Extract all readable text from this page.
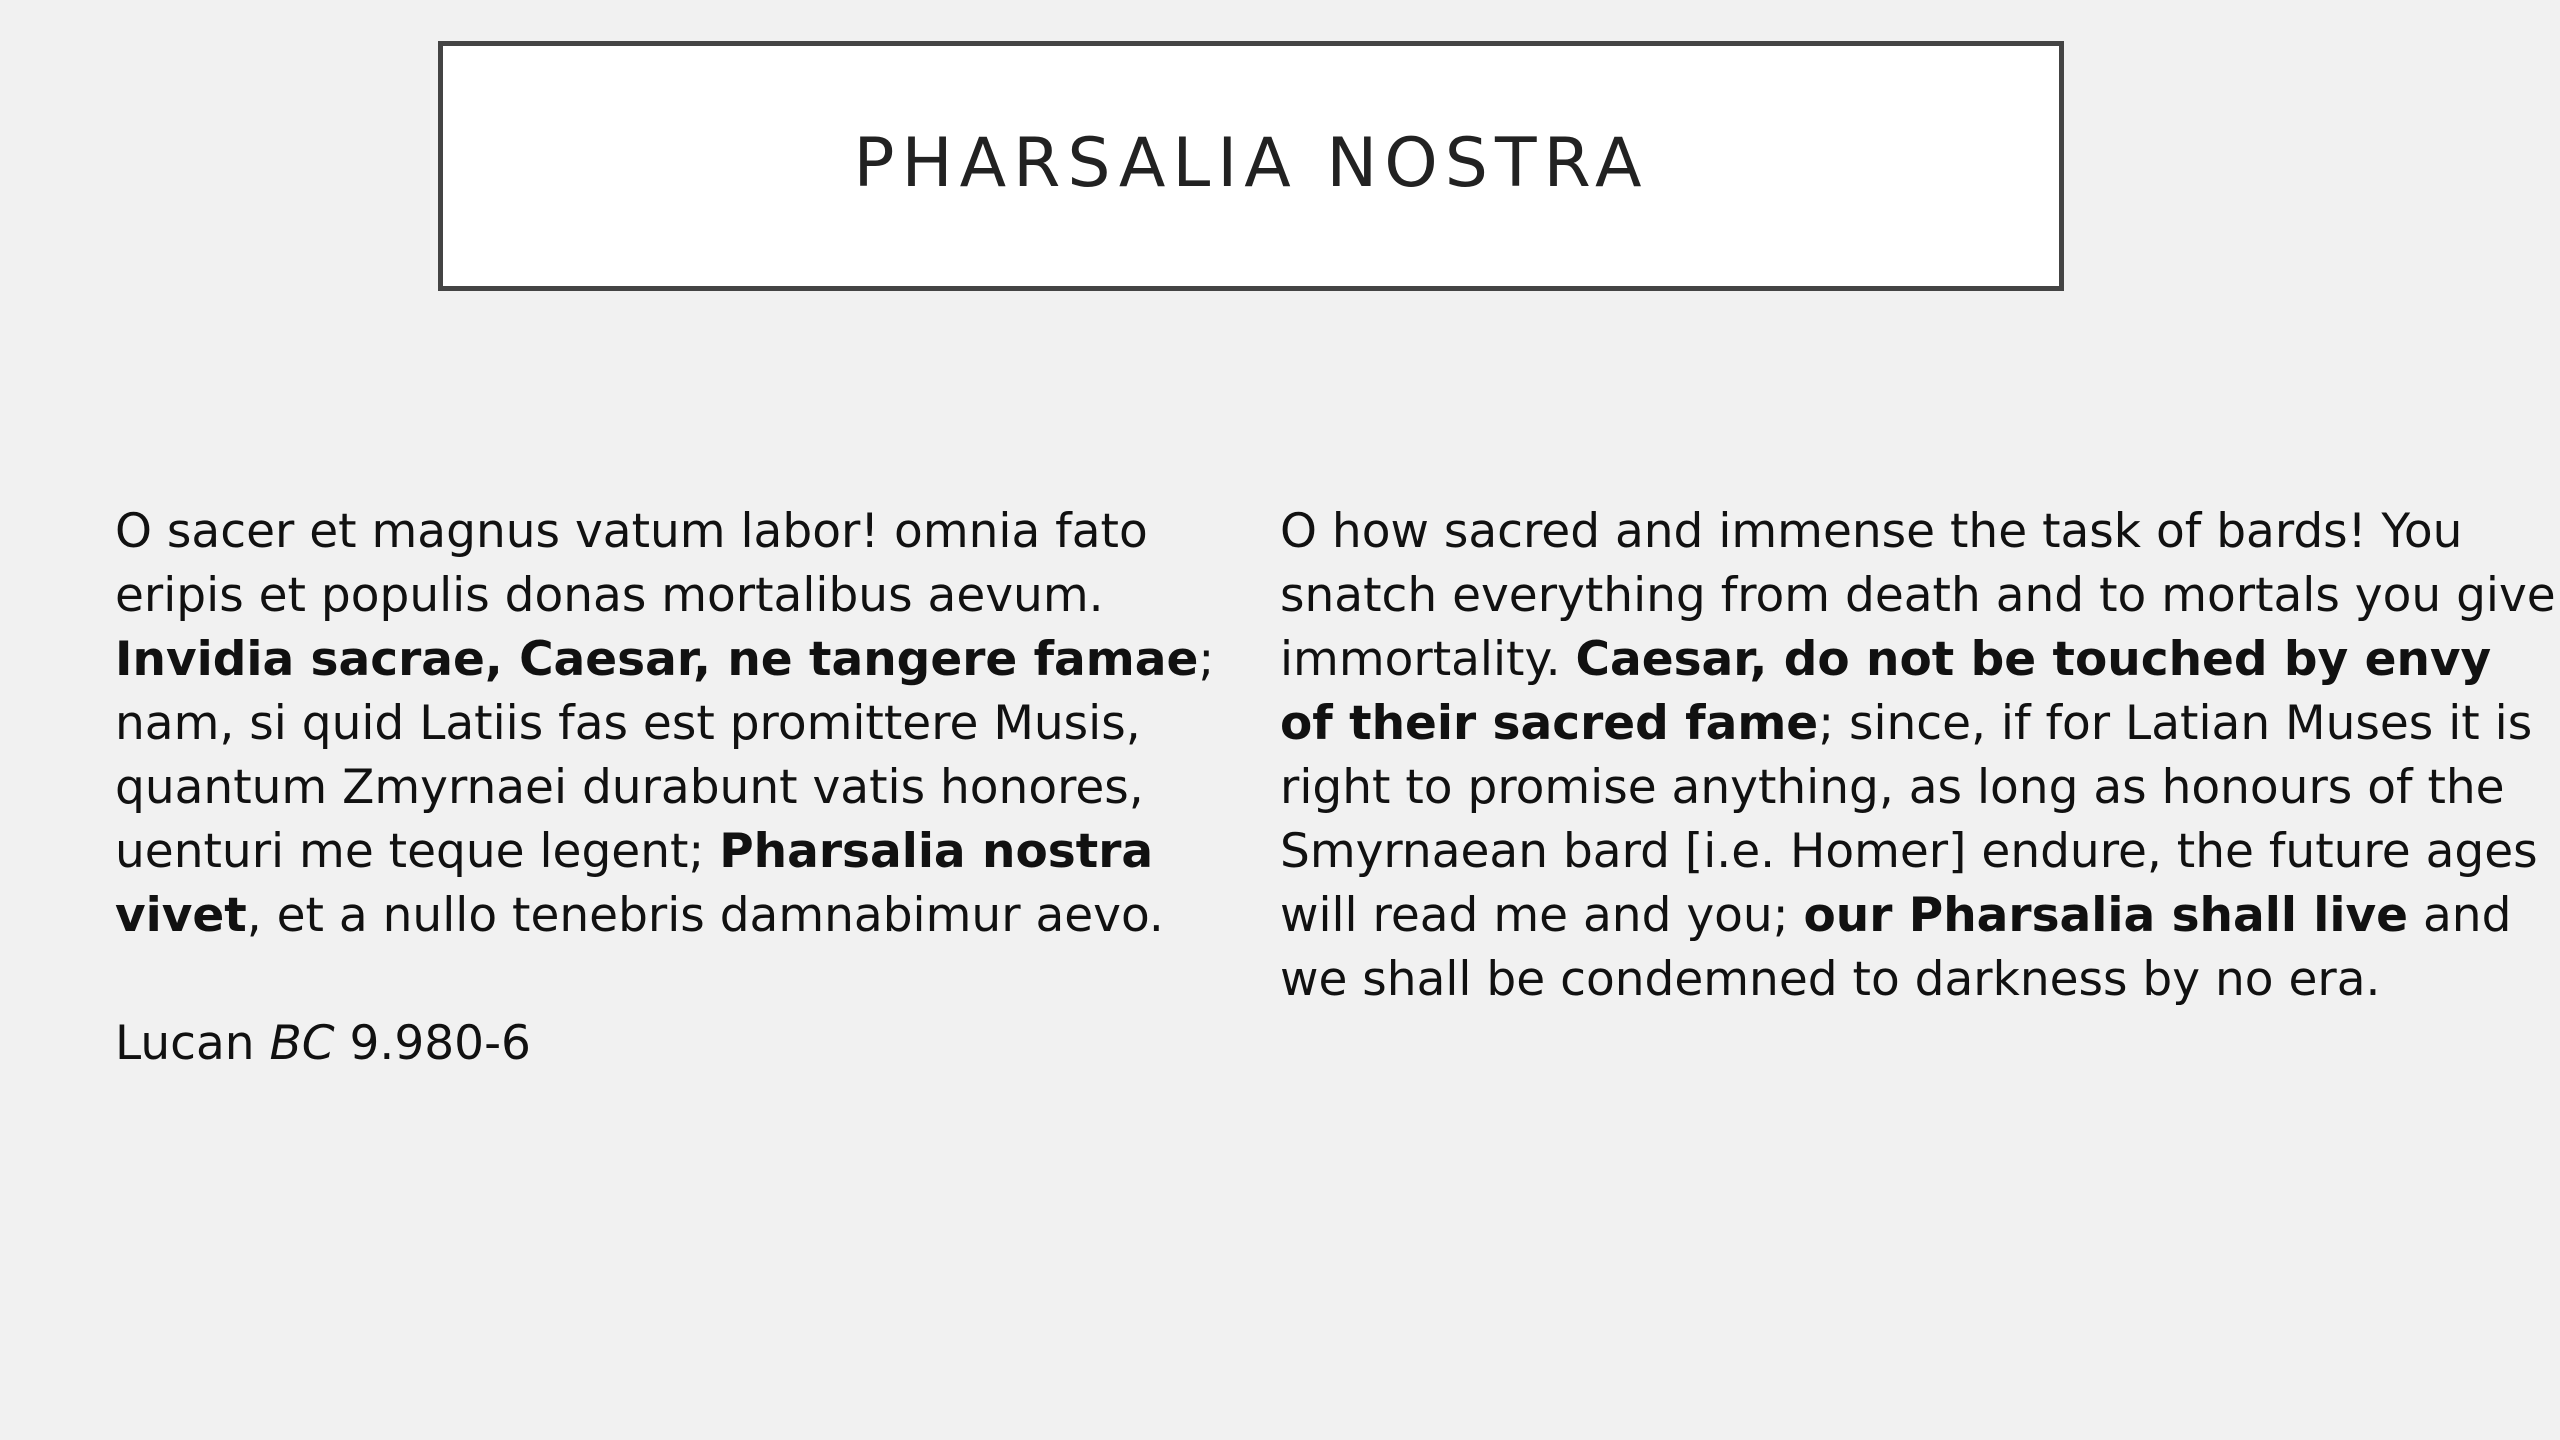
PHARSALIA NOSTRA
O sacer et magnus vatum labor! omnia fato
eripis et populis donas mortalibus aevum.
Invidia sacrae, Caesar, ne tangere famae;
nam, si quid Latiis fas est promittere Musis,
quantum Zmyrnaei durabunt vatis honores,
uenturi me teque legent; Pharsalia nostra
vivet, et a nullo tenebris damnabimur aevo.
Lucan BC 9.980-6
O how sacred and immense the task of bards! You
snatch everything from death and to mortals you give
immortality. Caesar, do not be touched by envy
of their sacred fame; since, if for Latian Muses it is
right to promise anything, as long as honours of the
Smyrnaean bard [i.e. Homer] endure, the future ages
will read me and you; our Pharsalia shall live and
we shall be condemned to darkness by no era.
